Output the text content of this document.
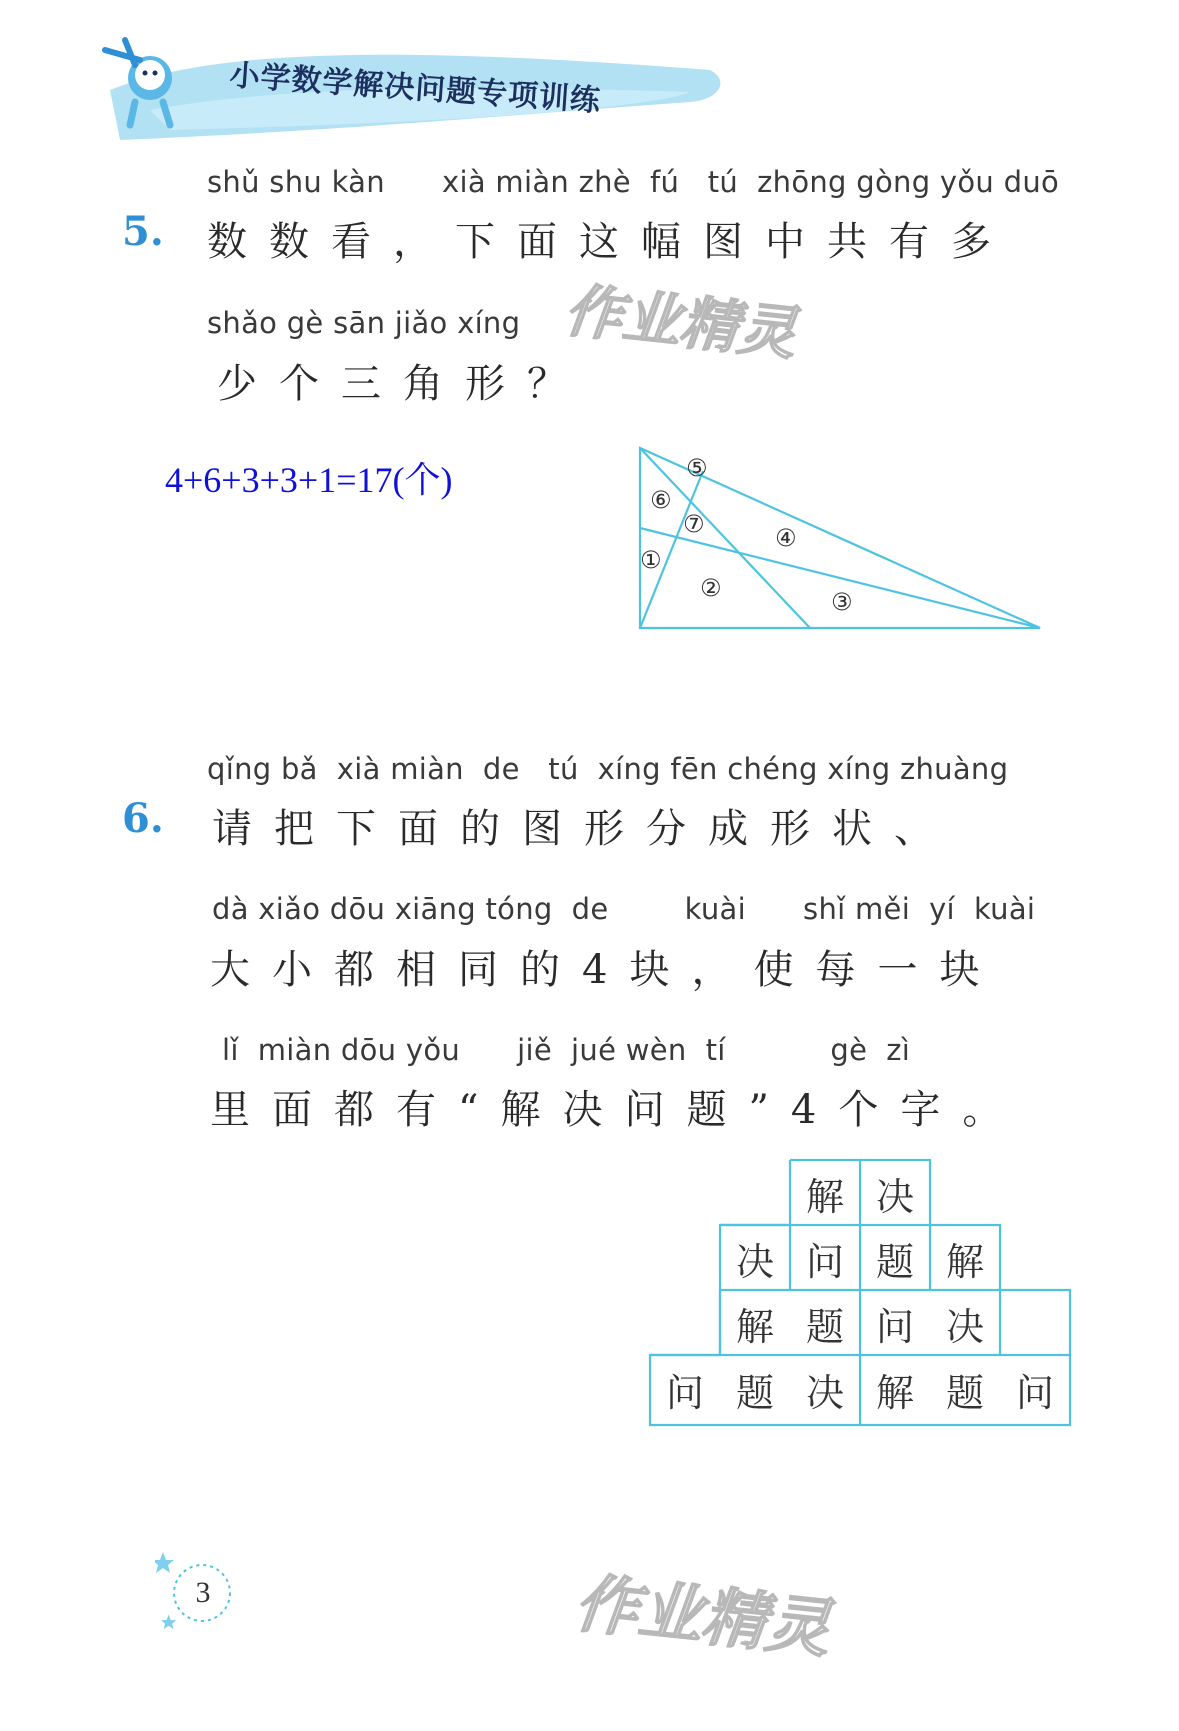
小学数学解决问题专项训练
5.
shǔ shu kàn      xià miàn zhè  fú   tú  zhōng gòng yǒu duō
数数看，下面这幅图中共有多
shǎo gè sān jiǎo xíng
少个三角形？
4+6+3+3+1=17(个)	⑤
⑥
⑦	④
①
②	③
作业精灵
6.
qǐng bǎ  xià miàn  de   tú  xíng fēn chéng xíng zhuàng
请把下面的图形分成形状、
dà xiǎo dōu xiāng tóng  de        kuài      shǐ měi  yí  kuài
大小都相同的4块，使每一块
lǐ  miàn dōu yǒu      jiě  jué wèn  tí           gè  zì
里面都有“解决问题”4个字。
解 决
决 问 题 解
解 题 问 决
问 题 决 解 题 问
3	作业精灵
